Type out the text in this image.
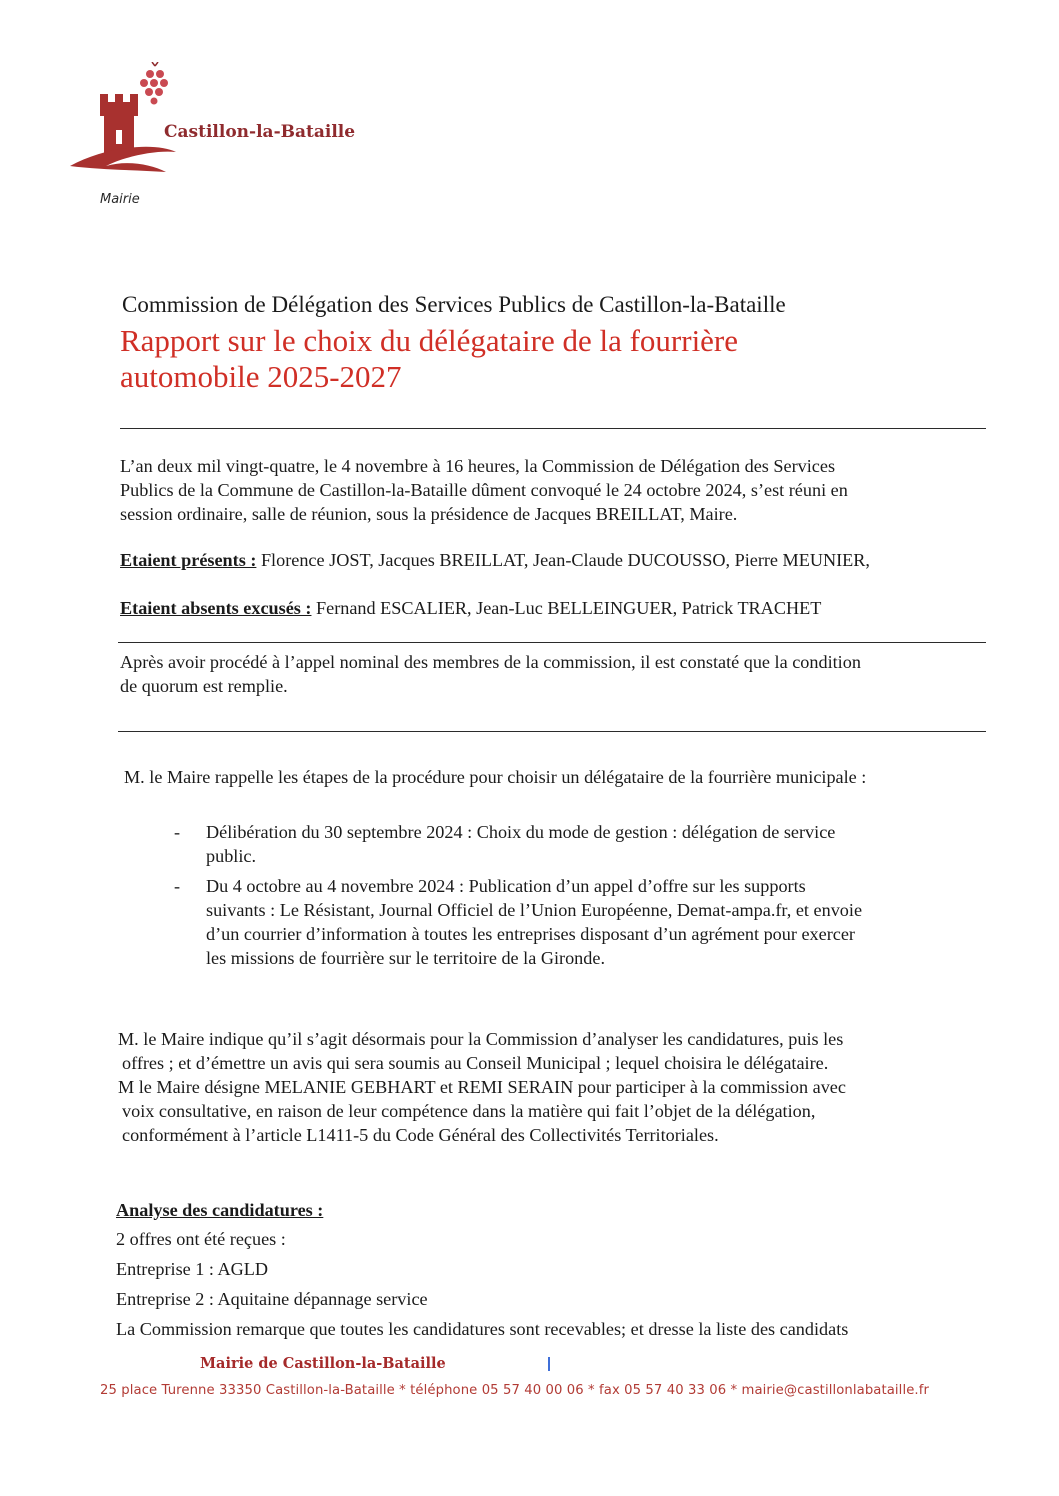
Castillon-la-Bataille
Mairie
Commission de Délégation des Services Publics de Castillon-la-Bataille
Rapport sur le choix du délégataire de la fourrière
automobile 2025-2027
L’an deux mil vingt-quatre, le 4 novembre à 16 heures, la Commission de Délégation des Services
Publics de la Commune de Castillon-la-Bataille dûment convoqué le 24 octobre 2024, s’est réuni en
session ordinaire, salle de réunion, sous la présidence de Jacques BREILLAT, Maire.
Etaient présents : Florence JOST, Jacques BREILLAT, Jean-Claude DUCOUSSO, Pierre MEUNIER,
Etaient absents excusés : Fernand ESCALIER, Jean-Luc BELLEINGUER, Patrick TRACHET
Après avoir procédé à l’appel nominal des membres de la commission, il est constaté que la condition
de quorum est remplie.
M. le Maire rappelle les étapes de la procédure pour choisir un délégataire de la fourrière municipale :
- Délibération du 30 septembre 2024 : Choix du mode de gestion : délégation de service
public.
- Du 4 octobre au 4 novembre 2024 : Publication d’un appel d’offre sur les supports
suivants : Le Résistant, Journal Officiel de l’Union Européenne, Demat-ampa.fr, et envoie
d’un courrier d’information à toutes les entreprises disposant d’un agrément pour exercer
les missions de fourrière sur le territoire de la Gironde.
M. le Maire indique qu’il s’agit désormais pour la Commission d’analyser les candidatures, puis les
offres ; et d’émettre un avis qui sera soumis au Conseil Municipal ; lequel choisira le délégataire.
M le Maire désigne MELANIE GEBHART et REMI SERAIN pour participer à la commission avec
voix consultative, en raison de leur compétence dans la matière qui fait l’objet de la délégation,
conformément à l’article L1411-5 du Code Général des Collectivités Territoriales.
Analyse des candidatures :
2 offres ont été reçues :
Entreprise 1 : AGLD
Entreprise 2 : Aquitaine dépannage service
La Commission remarque que toutes les candidatures sont recevables; et dresse la liste des candidats
Mairie de Castillon-la-Bataille
25 place Turenne 33350 Castillon-la-Bataille * téléphone 05 57 40 00 06 * fax 05 57 40 33 06 * mairie@castillonlabataille.fr
